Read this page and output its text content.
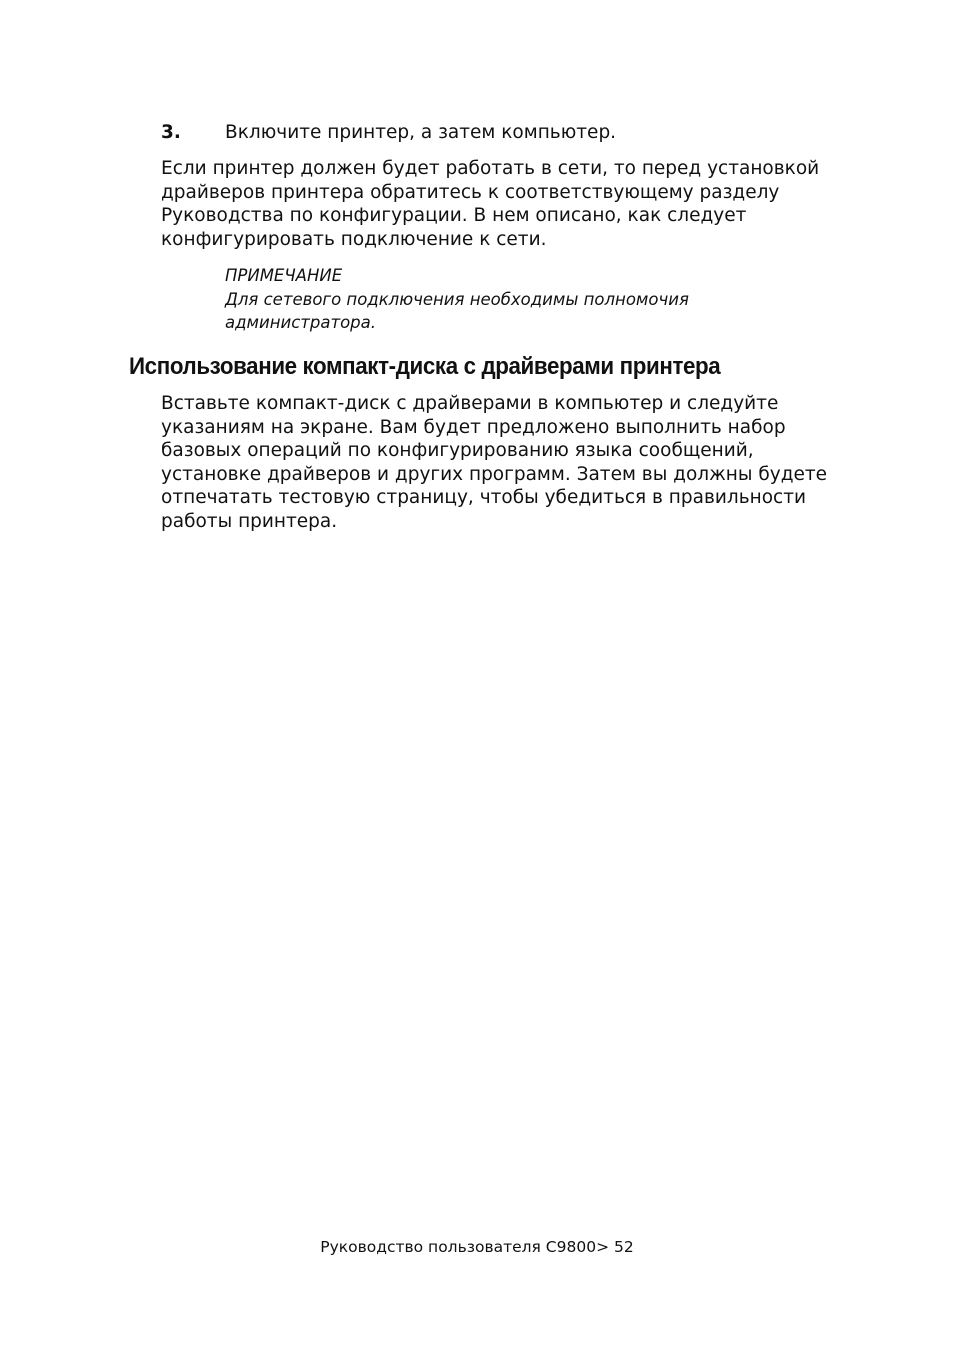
3. Включите принтер, а затем компьютер.

Если принтер должен будет работать в сети, то перед установкой
драйверов принтера обратитесь к соответствующему разделу
Руководства по конфигурации. В нем описано, как следует
конфигурировать подключение к сети.

ПРИМЕЧАНИЕ
Для сетевого подключения необходимы полномочия
администратора.
Использование компакт-диска с драйверами принтера

Вставьте компакт-диск с драйверами в компьютер и следуйте
указаниям на экране. Вам будет предложено выполнить набор
базовых операций по конфигурированию языка сообщений,
установке драйверов и других программ. Затем вы должны будете
отпечатать тестовую страницу, чтобы убедиться в правильности
работы принтера.

Руководство пользователя C9800> 52
